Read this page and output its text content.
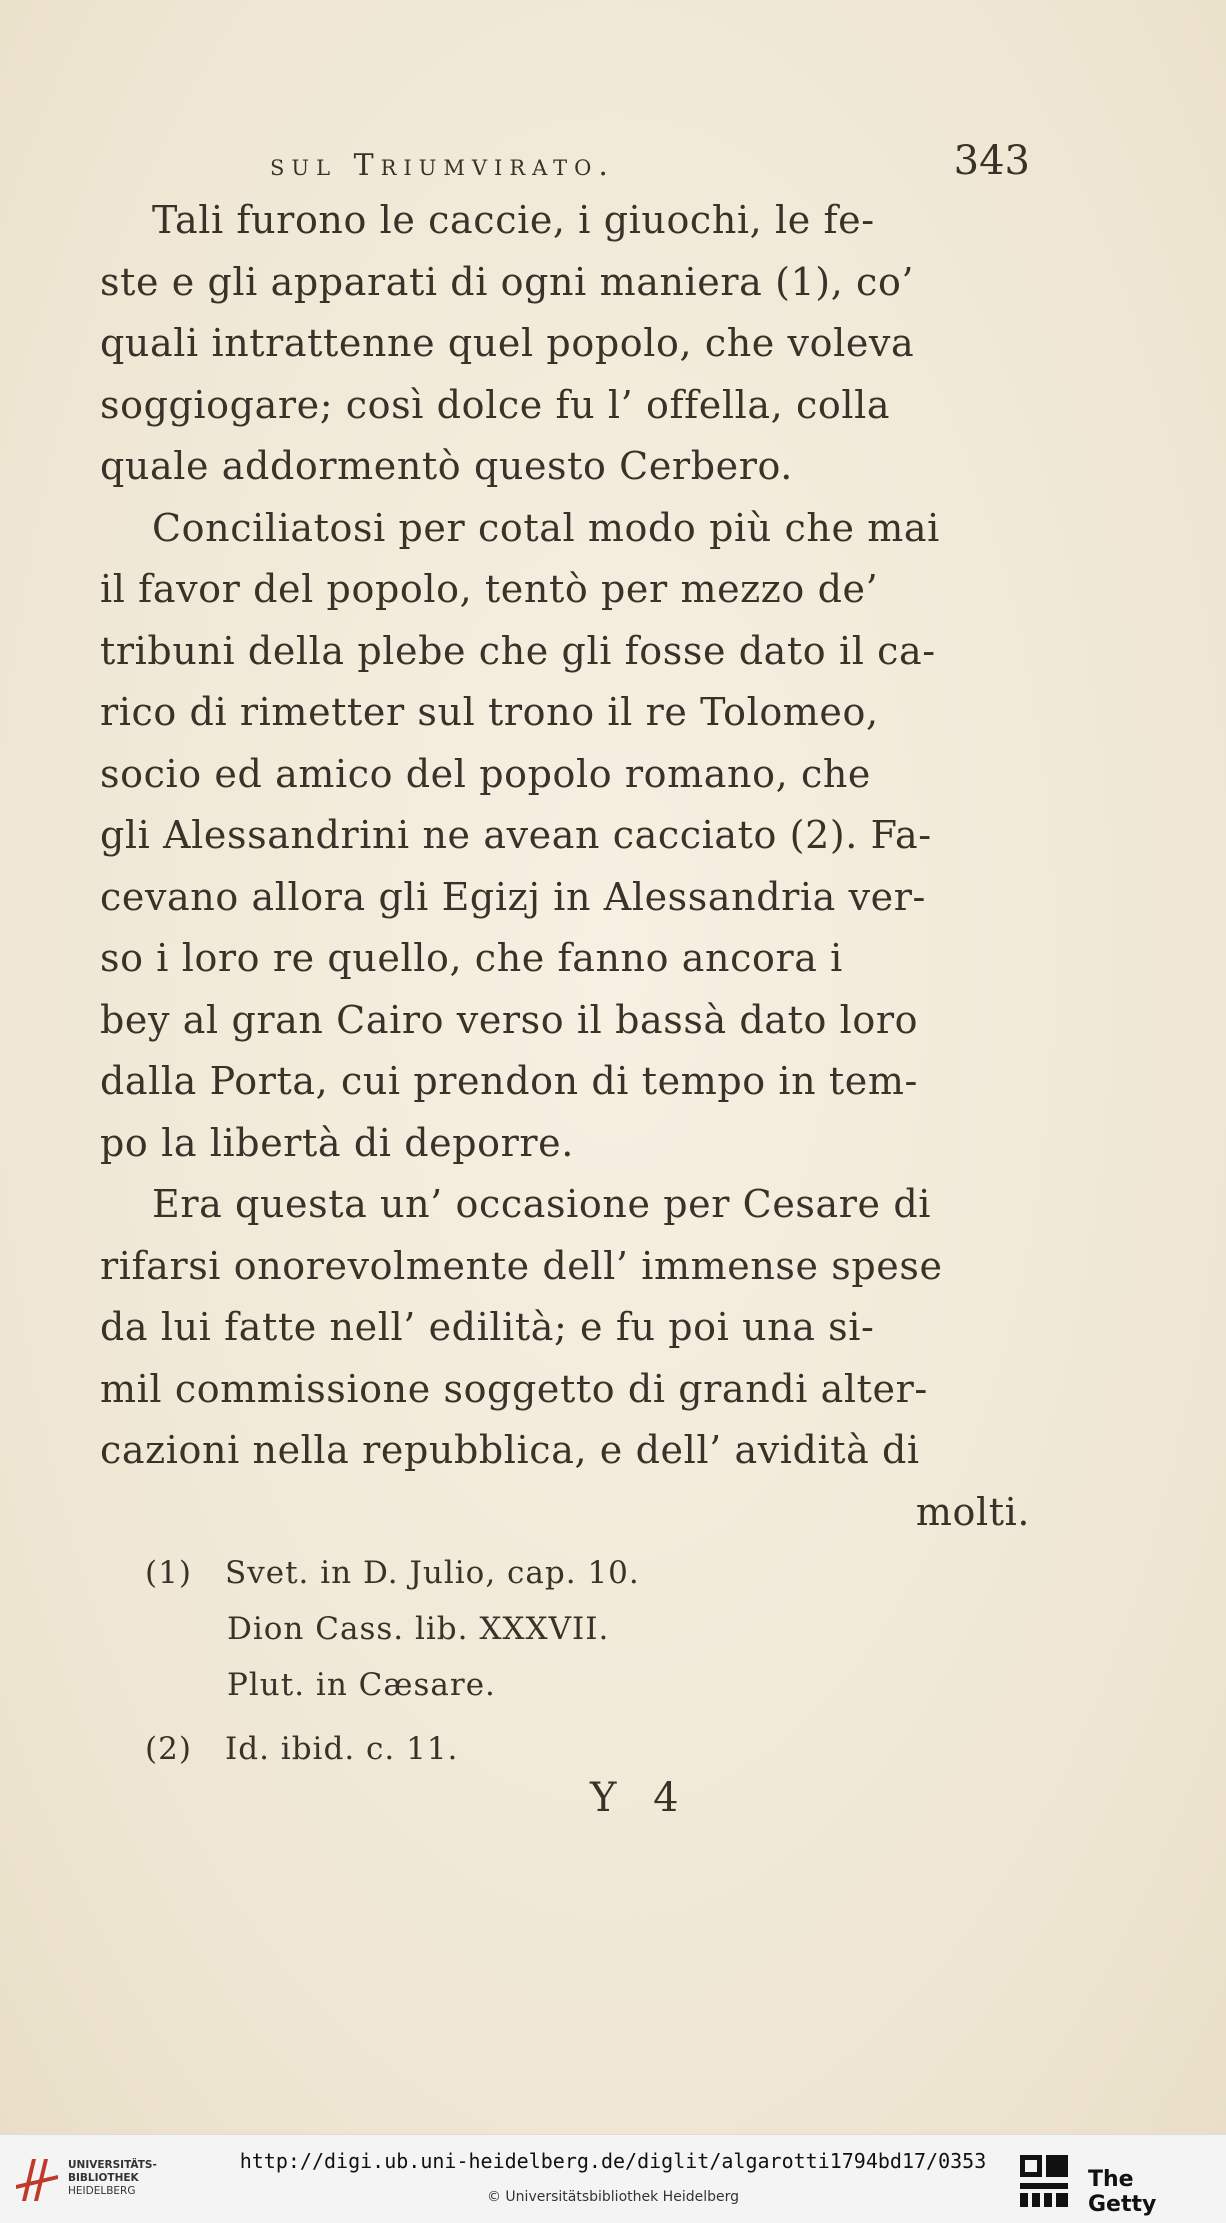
sul Triumvirato.	343
Tali furono le caccie, i giuochi, le fe-
ste e gli apparati di ogni maniera (1), co’
quali intrattenne quel popolo, che voleva
soggiogare; così dolce fu l’ offella, colla
quale addormentò questo Cerbero.
Conciliatosi per cotal modo più che mai
il favor del popolo, tentò per mezzo de’
tribuni della plebe che gli fosse dato il ca-
rico di rimetter sul trono il re Tolomeo,
socio ed amico del popolo romano, che
gli Alessandrini ne avean cacciato (2). Fa-
cevano allora gli Egizj in Alessandria ver-
so i loro re quello, che fanno ancora i
bey al gran Cairo verso il bassà dato loro
dalla Porta, cui prendon di tempo in tem-
po la libertà di deporre.
Era questa un’ occasione per Cesare di
rifarsi onorevolmente dell’ immense spese
da lui fatte nell’ edilità; e fu poi una si-
mil commissione soggetto di grandi alter-
cazioni nella repubblica, e dell’ avidità di
molti.
(1) Svet. in D. Julio, cap. 10.
Dion Cass. lib. XXXVII.
Plut. in Cæsare.
(2) Id. ibid. c. 11.
Y 4
UNIVERSITÄTS-
BIBLIOTHEK
HEIDELBERG
http://digi.ub.uni-heidelberg.de/diglit/algarotti1794bd17/0353
© Universitätsbibliothek Heidelberg
The Getty
